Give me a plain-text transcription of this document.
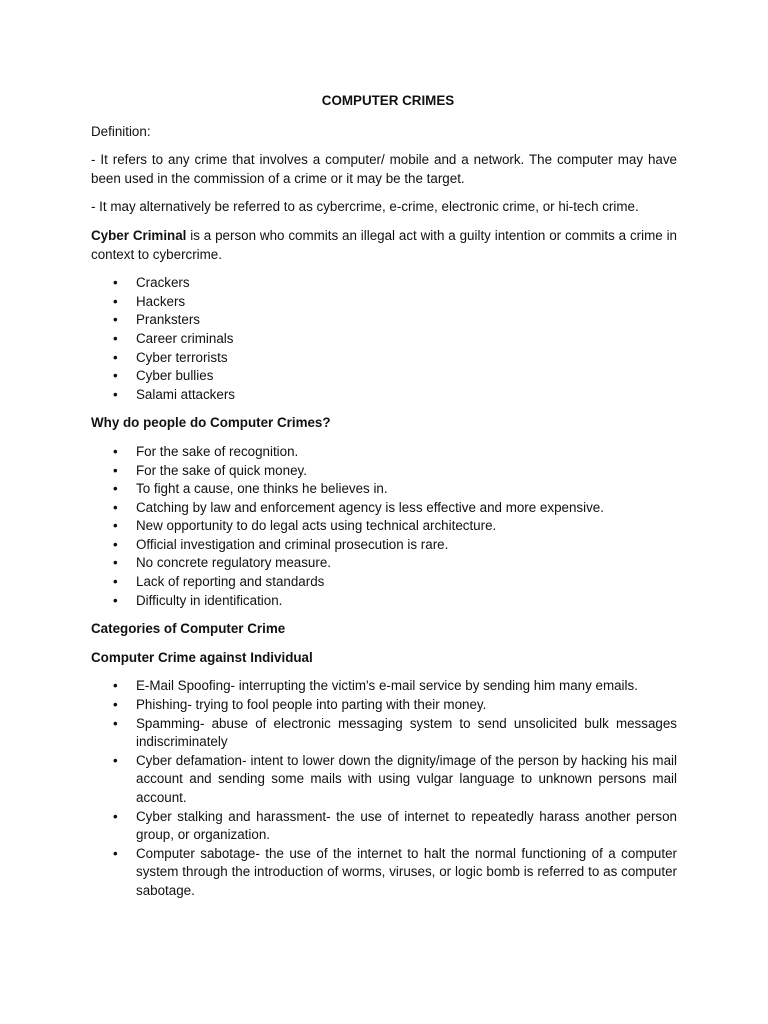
COMPUTER CRIMES

Definition:

- It refers to any crime that involves a computer/ mobile and a network. The computer may have been used in the commission of a crime or it may be the target.

- It may alternatively be referred to as cybercrime, e-crime, electronic crime, or hi-tech crime.

Cyber Criminal is a person who commits an illegal act with a guilty intention or commits a crime in context to cybercrime.

• Crackers
• Hackers
• Pranksters
• Career criminals
• Cyber terrorists
• Cyber bullies
• Salami attackers
Why do people do Computer Crimes?
• For the sake of recognition.
• For the sake of quick money.
• To fight a cause, one thinks he believes in.
• Catching by law and enforcement agency is less effective and more expensive.
• New opportunity to do legal acts using technical architecture.
• Official investigation and criminal prosecution is rare.
• No concrete regulatory measure.
• Lack of reporting and standards
• Difficulty in identification.
Categories of Computer Crime
Computer Crime against Individual
• E-Mail Spoofing- interrupting the victim's e-mail service by sending him many emails.
• Phishing- trying to fool people into parting with their money.
• Spamming- abuse of electronic messaging system to send unsolicited bulk messages indiscriminately
• Cyber defamation- intent to lower down the dignity/image of the person by hacking his mail account and sending some mails with using vulgar language to unknown persons mail account.
• Cyber stalking and harassment- the use of internet to repeatedly harass another person group, or organization.
• Computer sabotage- the use of the internet to halt the normal functioning of a computer system through the introduction of worms, viruses, or logic bomb is referred to as computer sabotage.
